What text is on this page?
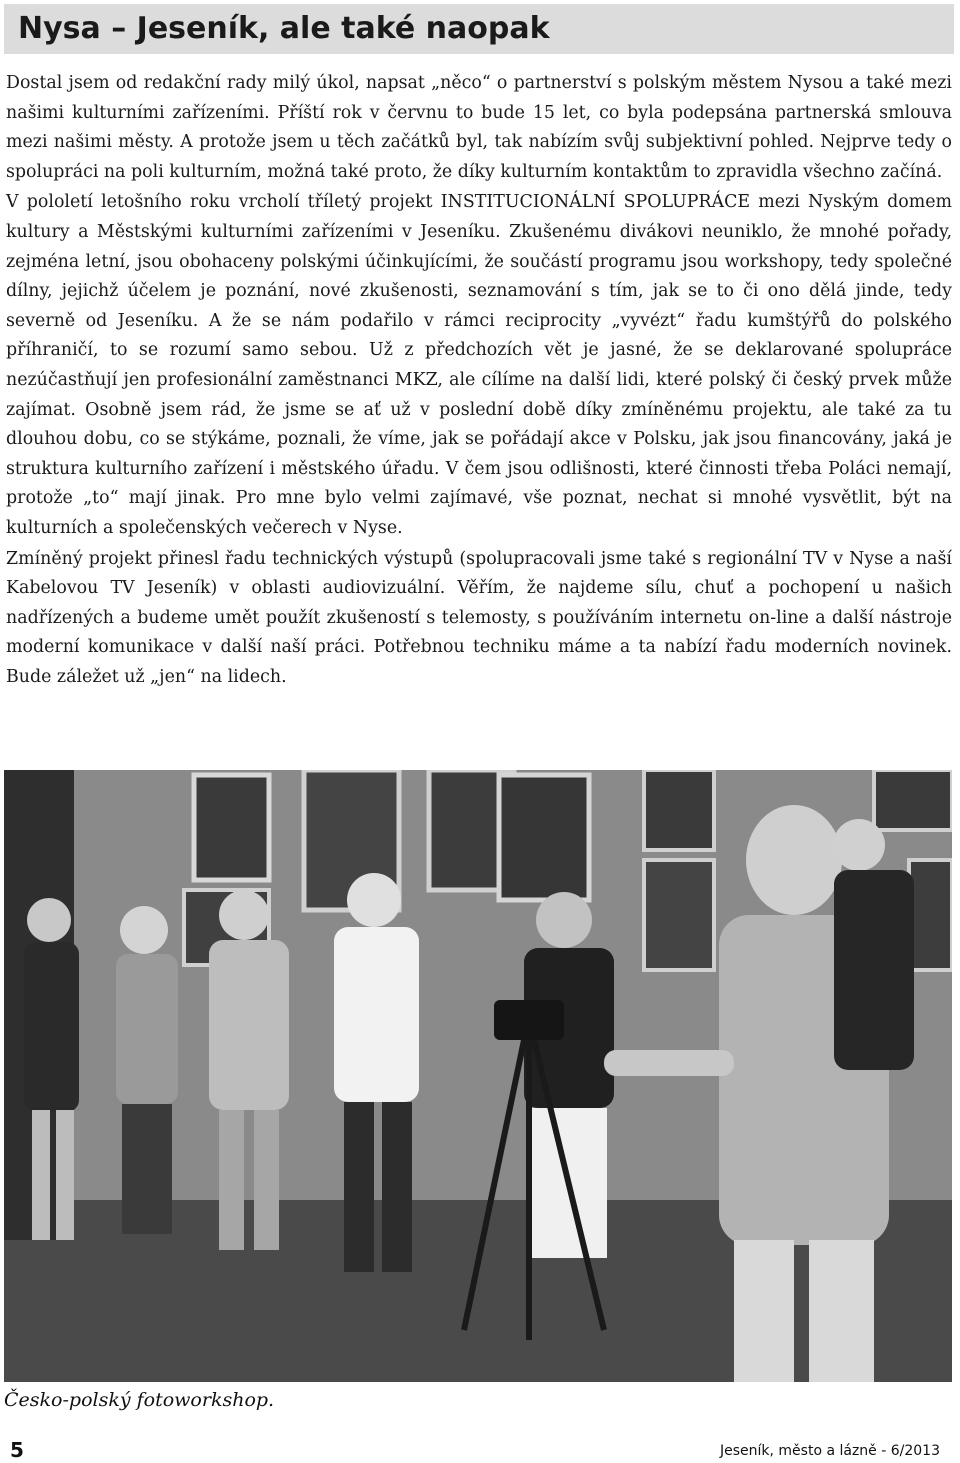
Nysa – Jeseník, ale také naopak

Dostal jsem od redakční rady milý úkol, napsat „něco“ o partnerství s polským městem Nysou a také mezi našimi kulturními zařízeními. Příští rok v červnu to bude 15 let, co byla podepsána partnerská smlouva mezi našimi městy. A protože jsem u těch začátků byl, tak nabízím svůj subjektivní pohled. Nejprve tedy o spolupráci na poli kulturním, možná také proto, že díky kulturním kontaktům to zpravidla všechno začíná.

V pololetí letošního roku vrcholí tříletý projekt INSTITUCIONÁLNÍ SPOLUPRÁCE mezi Nyským domem kultury a Městskými kulturními zařízeními v Jeseníku. Zkušenému divákovi neuniklo, že mnohé pořady, zejména letní, jsou obohaceny polskými účinkujícími, že součástí programu jsou workshopy, tedy společné dílny, jejichž účelem je poznání, nové zkušenosti, seznamování s tím, jak se to či ono dělá jinde, tedy severně od Jeseníku. A že se nám podařilo v rámci reciprocity „vyvézt“ řadu kumštýřů do polského příhraničí, to se rozumí samo sebou. Už z předchozích vět je jasné, že se deklarované spolupráce nezúčastňují jen profesionální zaměstnanci MKZ, ale cílíme na další lidi, které polský či český prvek může zajímat. Osobně jsem rád, že jsme se ať už v poslední době díky zmíněnému projektu, ale také za tu dlouhou dobu, co se stýkáme, poznali, že víme, jak se pořádají akce v Polsku, jak jsou financovány, jaká je struktura kulturního zařízení i městského úřadu. V čem jsou odlišnosti, které činnosti třeba Poláci nemají, protože „to“ mají jinak. Pro mne bylo velmi zajímavé, vše poznat, nechat si mnohé vysvětlit, být na kulturních a společenských večerech v Nyse.

Zmíněný projekt přinesl řadu technických výstupů (spolupracovali jsme také s regionální TV v Nyse a naší Kabelovou TV Jeseník) v oblasti audiovizuální. Věřím, že najdeme sílu, chuť a pochopení u našich nadřízených a budeme umět použít zkušeností s telemosty, s používáním internetu on-line a další nástroje moderní komunikace v další naší práci. Potřebnou techniku máme a ta nabízí řadu moderních novinek. Bude záležet už „jen“ na lidech.

Česko-polský fotoworkshop.

5	Jeseník, město a lázně - 6/2013
